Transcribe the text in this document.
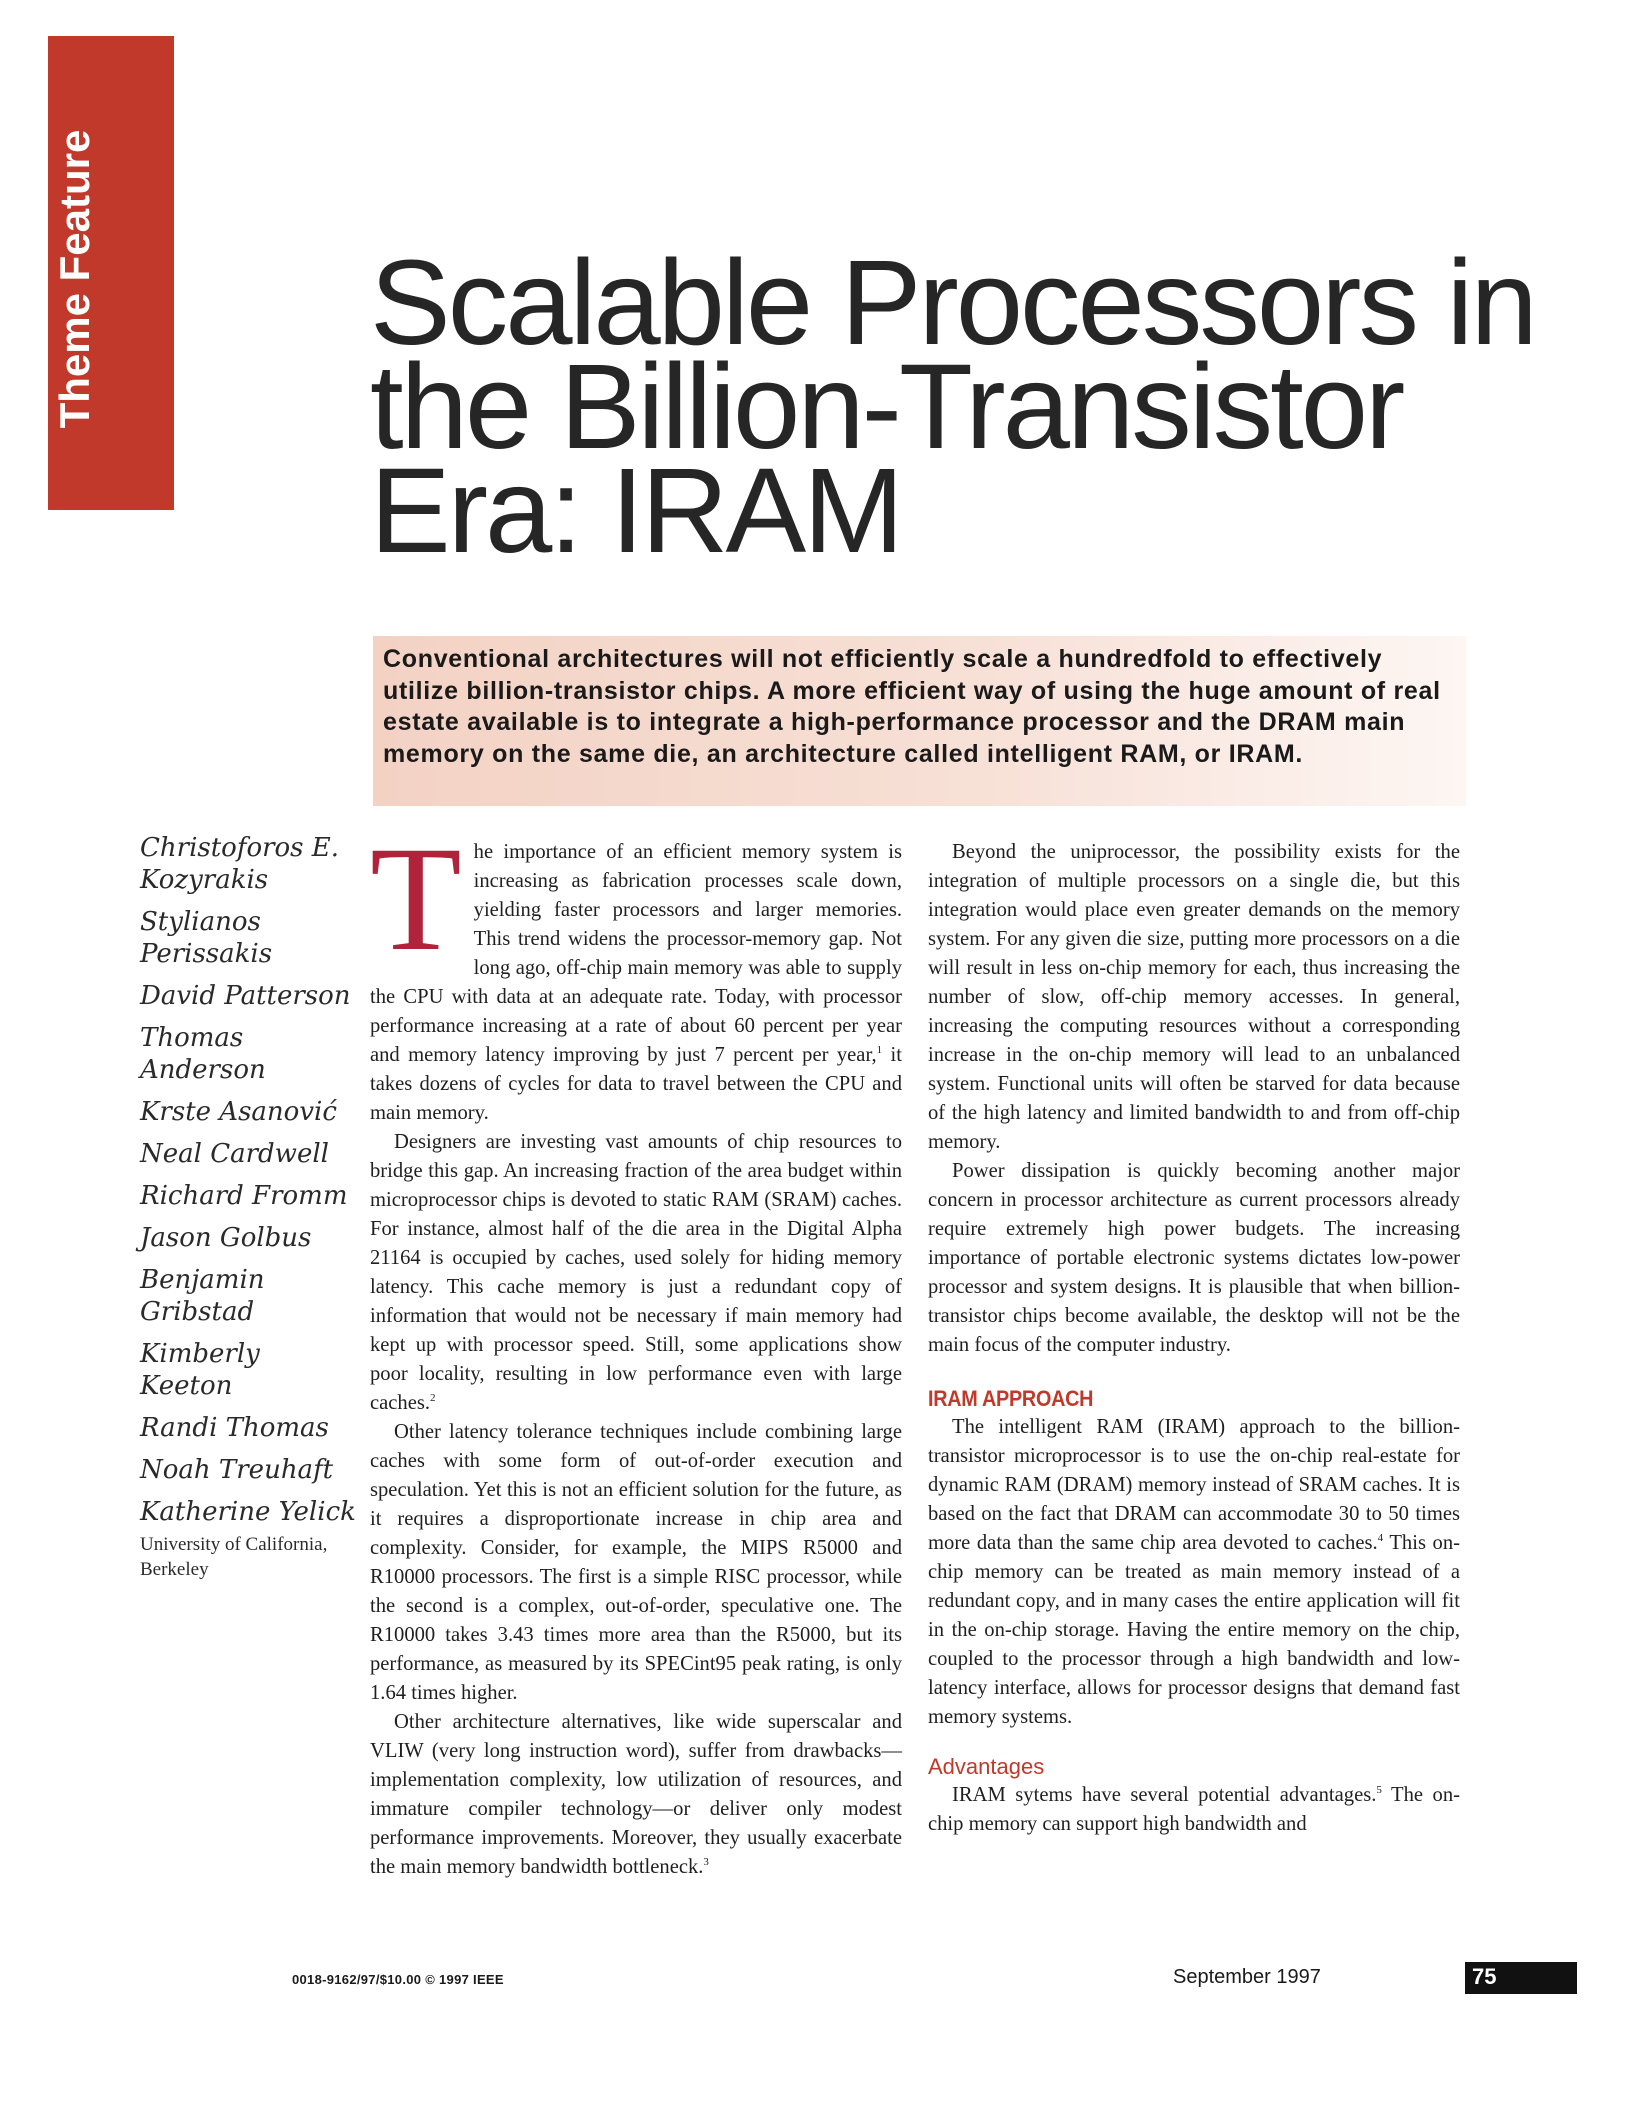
Theme Feature Scalable Processors in
the Billion-Transistor
Era: IRAM

Conventional architectures will not efficiently scale a hundredfold to effectively utilize billion-transistor chips. A more efficient way of using the huge amount of real estate available is to integrate a high-performance processor and the DRAM main memory on the same die, an architecture called intelligent RAM, or IRAM.

Christoforos E. Kozyrakis
Stylianos Perissakis
David Patterson
Thomas Anderson
Krste Asanović
Neal Cardwell
Richard Fromm
Jason Golbus
Benjamin Gribstad
Kimberly Keeton
Randi Thomas
Noah Treuhaft
Katherine Yelick
University of California, Berkeley

The importance of an efficient memory system is increasing as fabrication processes scale down, yielding faster processors and larger memories. This trend widens the processor-memory gap. Not long ago, off-chip main memory was able to supply the CPU with data at an adequate rate. Today, with processor performance increasing at a rate of about 60 percent per year and memory latency improving by just 7 percent per year,$^1$ it takes dozens of cycles for data to travel between the CPU and main memory.

Designers are investing vast amounts of chip resources to bridge this gap. An increasing fraction of the area budget within microprocessor chips is devoted to static RAM (SRAM) caches. For instance, almost half of the die area in the Digital Alpha 21164 is occupied by caches, used solely for hiding memory latency. This cache memory is just a redundant copy of information that would not be necessary if main memory had kept up with processor speed. Still, some applications show poor locality, resulting in low performance even with large caches.$^2$

Other latency tolerance techniques include combining large caches with some form of out-of-order execution and speculation. Yet this is not an efficient solution for the future, as it requires a disproportionate increase in chip area and complexity. Consider, for example, the MIPS R5000 and R10000 processors. The first is a simple RISC processor, while the second is a complex, out-of-order, speculative one. The R10000 takes 3.43 times more area than the R5000, but its performance, as measured by its SPECint95 peak rating, is only 1.64 times higher.

Other architecture alternatives, like wide superscalar and VLIW (very long instruction word), suffer from drawbacks—implementation complexity, low utilization of resources, and immature compiler technology—or deliver only modest performance improvements. Moreover, they usually exacerbate the main memory bandwidth bottleneck.$^3$

Beyond the uniprocessor, the possibility exists for the integration of multiple processors on a single die, but this integration would place even greater demands on the memory system. For any given die size, putting more processors on a die will result in less on-chip memory for each, thus increasing the number of slow, off-chip memory accesses. In general, increasing the computing resources without a corresponding increase in the on-chip memory will lead to an unbalanced system. Functional units will often be starved for data because of the high latency and limited bandwidth to and from off-chip memory.

Power dissipation is quickly becoming another major concern in processor architecture as current processors already require extremely high power budgets. The increasing importance of portable electronic systems dictates low-power processor and system designs. It is plausible that when billion-transistor chips become available, the desktop will not be the main focus of the computer industry.

IRAM APPROACH

The intelligent RAM (IRAM) approach to the billion-transistor microprocessor is to use the on-chip real-estate for dynamic RAM (DRAM) memory instead of SRAM caches. It is based on the fact that DRAM can accommodate 30 to 50 times more data than the same chip area devoted to caches.$^4$ This on-chip memory can be treated as main memory instead of a redundant copy, and in many cases the entire application will fit in the on-chip storage. Having the entire memory on the chip, coupled to the processor through a high bandwidth and low-latency interface, allows for processor designs that demand fast memory systems.

Advantages

IRAM sytems have several potential advantages.$^5$ The on-chip memory can support high bandwidth and

0018-9162/97/$10.00 © 1997 IEEE	September 1997	75
